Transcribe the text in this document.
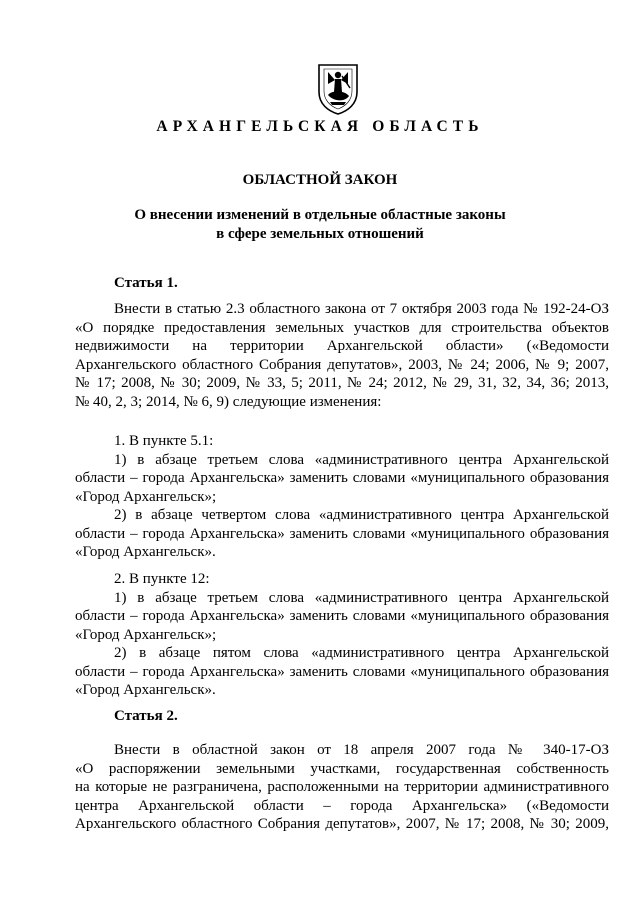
АРХАНГЕЛЬСКАЯ ОБЛАСТЬ
ОБЛАСТНОЙ ЗАКОН
О внесении изменений в отдельные областные законы
в сфере земельных отношений
Статья 1.
Внести в статью 2.3 областного закона от 7 октября 2003 года № 192-24-ОЗ
«О порядке предоставления земельных участков для строительства объектов
недвижимости на территории Архангельской области» («Ведомости
Архангельского областного Собрания депутатов», 2003, № 24; 2006, № 9; 2007,
№ 17; 2008, № 30; 2009, № 33, 5; 2011, № 24; 2012, № 29, 31, 32, 34, 36; 2013,
№ 40, 2, 3; 2014, № 6, 9) следующие изменения:
1. В пункте 5.1:
1) в абзаце третьем слова «административного центра Архангельской
области – города Архангельска» заменить словами «муниципального образования
«Город Архангельск»;
2) в абзаце четвертом слова «административного центра Архангельской
области – города Архангельска» заменить словами «муниципального образования
«Город Архангельск».
2. В пункте 12:
1) в абзаце третьем слова «административного центра Архангельской
области – города Архангельска» заменить словами «муниципального образования
«Город Архангельск»;
2) в абзаце пятом слова «административного центра Архангельской
области – города Архангельска» заменить словами «муниципального образования
«Город Архангельск».
Статья 2.
Внести в областной закон от 18 апреля 2007 года № 340-17-ОЗ
«О распоряжении земельными участками, государственная собственность
на которые не разграничена, расположенными на территории административного
центра Архангельской области – города Архангельска» («Ведомости
Архангельского областного Собрания депутатов», 2007, № 17; 2008, № 30; 2009,
